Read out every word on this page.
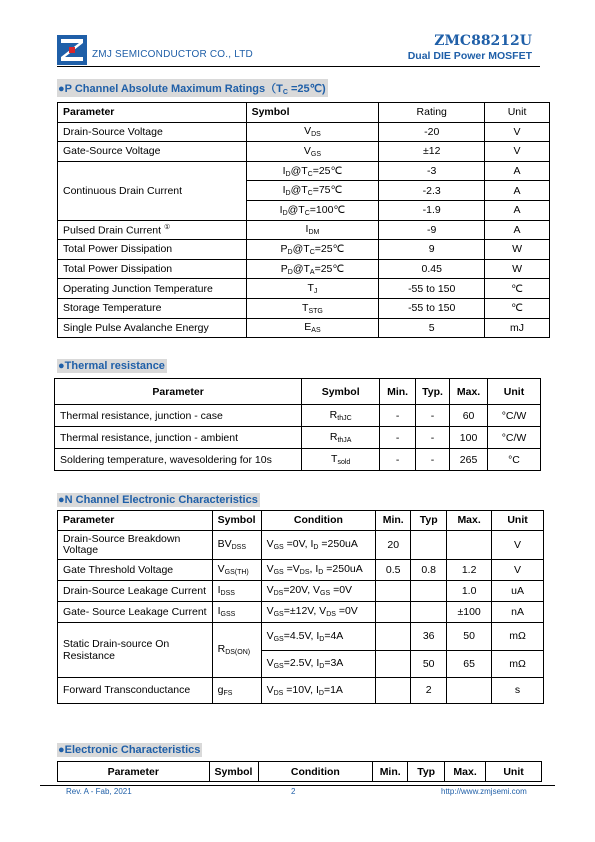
ZMJ SEMICONDUCTOR CO., LTD
ZMC88212U
Dual DIE Power MOSFET
●P Channel Absolute Maximum $Ratings(T_C$ =25℃)
Parameter	Symbol	Rating	Unit
Drain-Source Voltage	$V_{DS}$	-20	V
Gate-Source Voltage	$V_{GS}$	±12	V
Continuous Drain Current	$I_D@T_C=25℃$	-3	A
	$I_D@T_C=75℃$	-2.3	A
	$I_D@T_C=100℃$	-1.9	A
Pulsed Drain Current ①	$I_{DM}$	-9	A
Total Power Dissipation	$P_D@T_C=25℃$	9	W
Total Power Dissipation	$P_D@T_A=25℃$	0.45	W
Operating Junction Temperature	$T_J$	-55 to 150	℃
Storage Temperature	$T_{STG}$	-55 to 150	℃
Single Pulse Avalanche Energy	$E_{AS}$	5	mJ
●Thermal resistance
Parameter	Symbol	Min.	Typ.	Max.	Unit
Thermal resistance, junction - case	$R_{thJC}$	-	-	60	°C/W
Thermal resistance, junction - ambient	$R_{thJA}$	-	-	100	°C/W
Soldering temperature, wavesoldering for 10s	$T_{sold}$	-	-	265	°C
●N Channel Electronic Characteristics
Parameter	Symbol	Condition	Min.	Typ	Max.	Unit
Drain-Source Breakdown Voltage	$BV_{DSS}$	$V_{GS} =0V$, $I_D =250uA$	20			V
Gate Threshold Voltage	$V_{GS(TH)}$	$V_{GS} =V_{DS}$, $I_D =250uA$	0.5	0.8	1.2	V
Drain-Source Leakage Current	$I_{DSS}$	$V_{DS}=20V$, $V_{GS} =0V$			1.0	uA
Gate- Source Leakage Current	$I_{GSS}$	$V_{GS}=\pm 12V$, $V_{DS} =0V$			±100	nA
Static Drain-source On Resistance	$R_{DS(ON)}$	$V_{GS}=4.5V$, $I_D=4A$		36	50	mΩ
		$V_{GS}=2.5V$, $I_D=3A$		50	65	mΩ
Forward Transconductance	$g_{FS}$	$V_{DS} =10V$, $I_D=1A$		2		s
●Electronic Characteristics
Parameter	Symbol	Condition	Min.	Typ	Max.	Unit
Rev. A - Fab, 2021	2	http://www.zmjsemi.com
